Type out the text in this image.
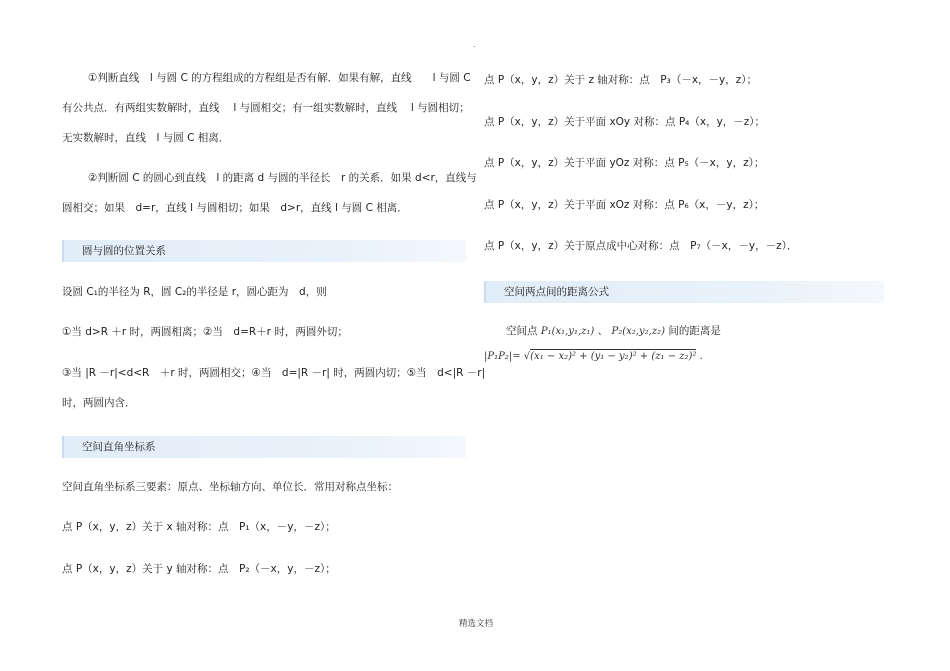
.
①判断直线　l 与圆 C 的方程组成的方程组是否有解．如果有解，直线　　l 与圆 C
有公共点．有两组实数解时，直线　 l 与圆相交；有一组实数解时，直线　 l 与圆相切；
无实数解时，直线　l 与圆 C 相离．
②判断圆 C 的圆心到直线　l 的距离 d 与圆的半径长　r 的关系．如果 d<r，直线与
圆相交；如果　d=r，直线 l 与圆相切；如果　d>r，直线 l 与圆 C 相离．
圆与圆的位置关系
设圆 C₁的半径为 R，圆 C₂的半径是 r，圆心距为　d，则
①当 d>R ＋r 时，两圆相离；②当　d=R＋r 时，两圆外切；
③当 |R －r|<d<R　＋r 时，两圆相交；④当　d=|R －r| 时，两圆内切；⑤当　d<|R －r|
时，两圆内含．
空间直角坐标系
空间直角坐标系三要素：原点、坐标轴方向、单位长．常用对称点坐标：
点 P（x，y，z）关于 x 轴对称：点　P₁（x，－y，－z）；
点 P（x，y，z）关于 y 轴对称：点　P₂（－x，y，－z）；
点 P（x，y，z）关于 z 轴对称：点　P₃（－x，－y，z）；
点 P（x，y，z）关于平面 xOy 对称：点 P₄（x，y，－z）；
点 P（x，y，z）关于平面 yOz 对称：点 P₅（－x，y，z）；
点 P（x，y，z）关于平面 xOz 对称：点 P₆（x，－y，z）；
点 P（x，y，z）关于原点成中心对称：点　P₇（－x，－y，－z）．
空间两点间的距离公式
空间点 P₁(x₁,y₁,z₁) 、 P₂(x₂,y₂,z₂) 间的距离是
|P₁P₂|= √(x₁ − x₂)² + (y₁ − y₂)² + (z₁ − z₂)² .
精选文档
